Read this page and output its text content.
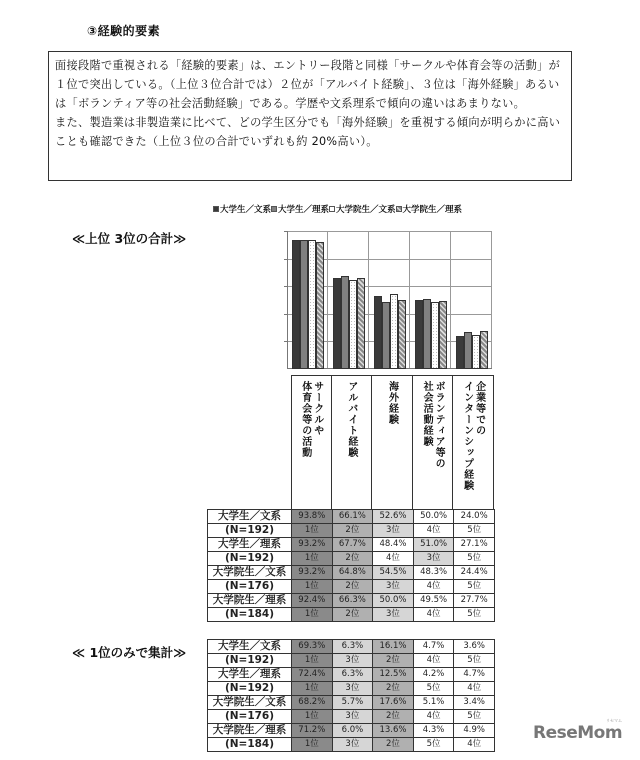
③経験的要素

面接段階で重視される「経験的要素」は、エントリー段階と同様「サークルや体育会等の活動」が１位で突出している。（上位３位合計では）２位が「アルバイト経験」、３位は「海外経験」あるいは「ボランティア等の社会活動経験」である。学歴や文系理系で傾向の違いはあまりない。

また、製造業は非製造業に比べて、どの学生区分でも「海外経験」を重視する傾向が明らかに高いことも確認できた（上位３位の合計でいずれも約 20%高い）。

大学生／文系 大学生／理系 大学院生／文系 大学院生／理系
≪上位 3位の合計≫
サークルや
体育会等の活動	アルバイト経験	海外経験	ボランティア等の
社会活動経験	企業等での
インターンシップ経験
大学生／文系	93.8%	66.1%	52.6%	50.0%	24.0%
(N=192)	1位	2位	3位	4位	5位
大学生／理系	93.2%	67.7%	48.4%	51.0%	27.1%
(N=192)	1位	2位	4位	3位	5位
大学院生／文系	93.2%	64.8%	54.5%	48.3%	24.4%
(N=176)	1位	2位	3位	4位	5位
大学院生／理系	92.4%	66.3%	50.0%	49.5%	27.7%
(N=184)	1位	2位	3位	4位	5位
≪ 1位のみで集計≫	大学生／文系	69.3%	6.3%	16.1%	4.7%	3.6%
(N=192)	1位	3位	2位	4位	5位
大学生／理系	72.4%	6.3%	12.5%	4.2%	4.7%
(N=192)	1位	3位	2位	5位	4位
大学院生／文系	68.2%	5.7%	17.6%	5.1%	3.4%
(N=176)	1位	3位	2位	4位	5位
大学院生／理系	71.2%	6.0%	13.6%	4.3%	4.9%
(N=184)	1位	3位	2位	5位	4位
ReseMom
リセマム
